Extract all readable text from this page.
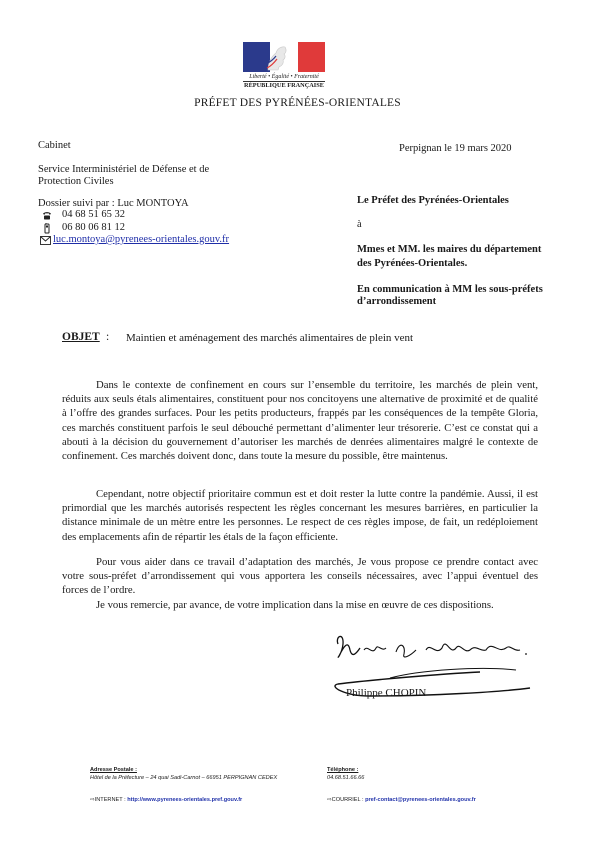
Liberté • Égalité • Fraternité
RÉPUBLIQUE FRANÇAISE
PRÉFET DES PYRÉNÉES-ORIENTALES
Cabinet
Service Interministériel de Défense et de
Protection Civiles
Dossier suivi par : Luc MONTOYA
04 68 51 65 32
06 80 06 81 12
luc.montoya@pyrenees-orientales.gouv.fr
Perpignan le 19 mars 2020
Le Préfet des Pyrénées-Orientales
à
Mmes et MM. les maires du département
des Pyrénées-Orientales.
En communication à MM les sous-préfets
d’arrondissement
OBJET : Maintien et aménagement des marchés alimentaires de plein vent

Dans le contexte de confinement en cours sur l’ensemble du territoire, les marchés de plein vent, réduits aux seuls étals alimentaires, constituent pour nos concitoyens une alternative de proximité et de qualité à l’offre des grandes surfaces. Pour les petits producteurs, frappés par les conséquences de la tempête Gloria, ces marchés constituent parfois le seul débouché permettant d’alimenter leur trésorerie. C’est ce constat qui a abouti à la décision du gouvernement d’autoriser les marchés de denrées alimentaires malgré le contexte de confinement. Ces marchés doivent donc, dans toute la mesure du possible, être maintenus.

Cependant, notre objectif prioritaire commun est et doit rester la lutte contre la pandémie. Aussi, il est primordial que les marchés autorisés respectent les règles concernant les mesures barrières, en particulier la distance minimale de un mètre entre les personnes. Le respect de ces règles impose, de fait, un redéploiement des emplacements afin de répartir les étals de la façon efficiente.

Pour vous aider dans ce travail d’adaptation des marchés, Je vous propose ce prendre contact avec votre sous-préfet d’arrondissement qui vous apportera les conseils nécessaires, avec l’appui éventuel des forces de l’ordre.

Je vous remercie, par avance, de votre implication dans la mise en œuvre de ces dispositions.

Philippe CHOPIN
Adresse Postale :
Hôtel de la Préfecture – 24 quai Sadi-Carnot – 66951 PERPIGNAN CEDEX
Téléphone :
04.68.51.66.66
⇨INTERNET : http://www.pyrenees-orientales.pref.gouv.fr	⇨COURRIEL : pref-contact@pyrenees-orientales.gouv.fr
